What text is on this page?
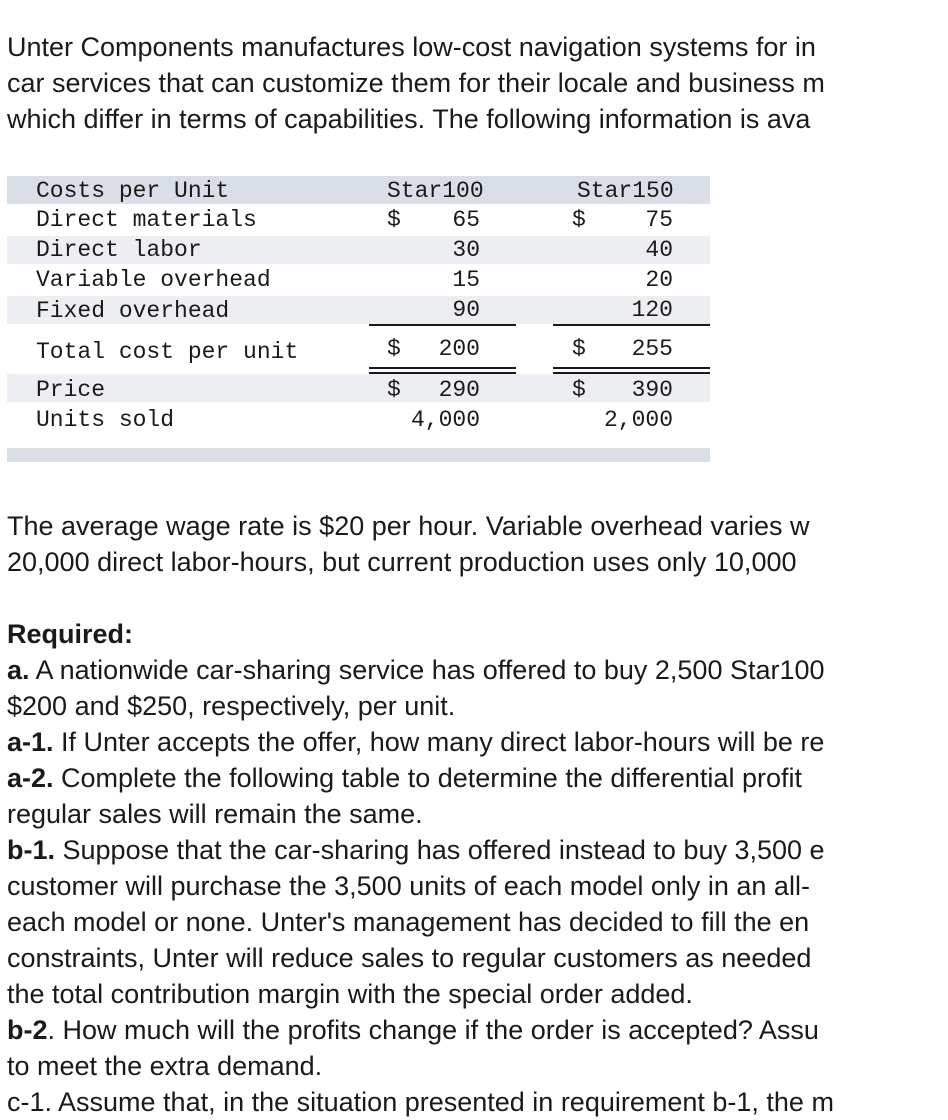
Unter Components manufactures low-cost navigation systems for in
car services that can customize them for their locale and business m
which differ in terms of capabilities. The following information is ava
Costs per Unit	Star100	Star150
Direct materials	$ 65	$	75
Direct labor	30	40
Variable overhead	15	20
Fixed overhead	90	120
Total cost per unit	$ 200	$ 255
Price	$ 290	$ 390
Units sold	4,000	2,000
The average wage rate is $20 per hour. Variable overhead varies w
20,000 direct labor-hours, but current production uses only 10,000
Required:
a. A nationwide car-sharing service has offered to buy 2,500 Star100
$200 and $250, respectively, per unit.
a-1. If Unter accepts the offer, how many direct labor-hours will be re
a-2. Complete the following table to determine the differential profit
regular sales will remain the same.
b-1. Suppose that the car-sharing has offered instead to buy 3,500 e
customer will purchase the 3,500 units of each model only in an all-
each model or none. Unter's management has decided to fill the en
constraints, Unter will reduce sales to regular customers as needed
the total contribution margin with the special order added.
b-2. How much will the profits change if the order is accepted? Assu
to meet the extra demand.
c-1. Assume that, in the situation presented in requirement b-1, the m
